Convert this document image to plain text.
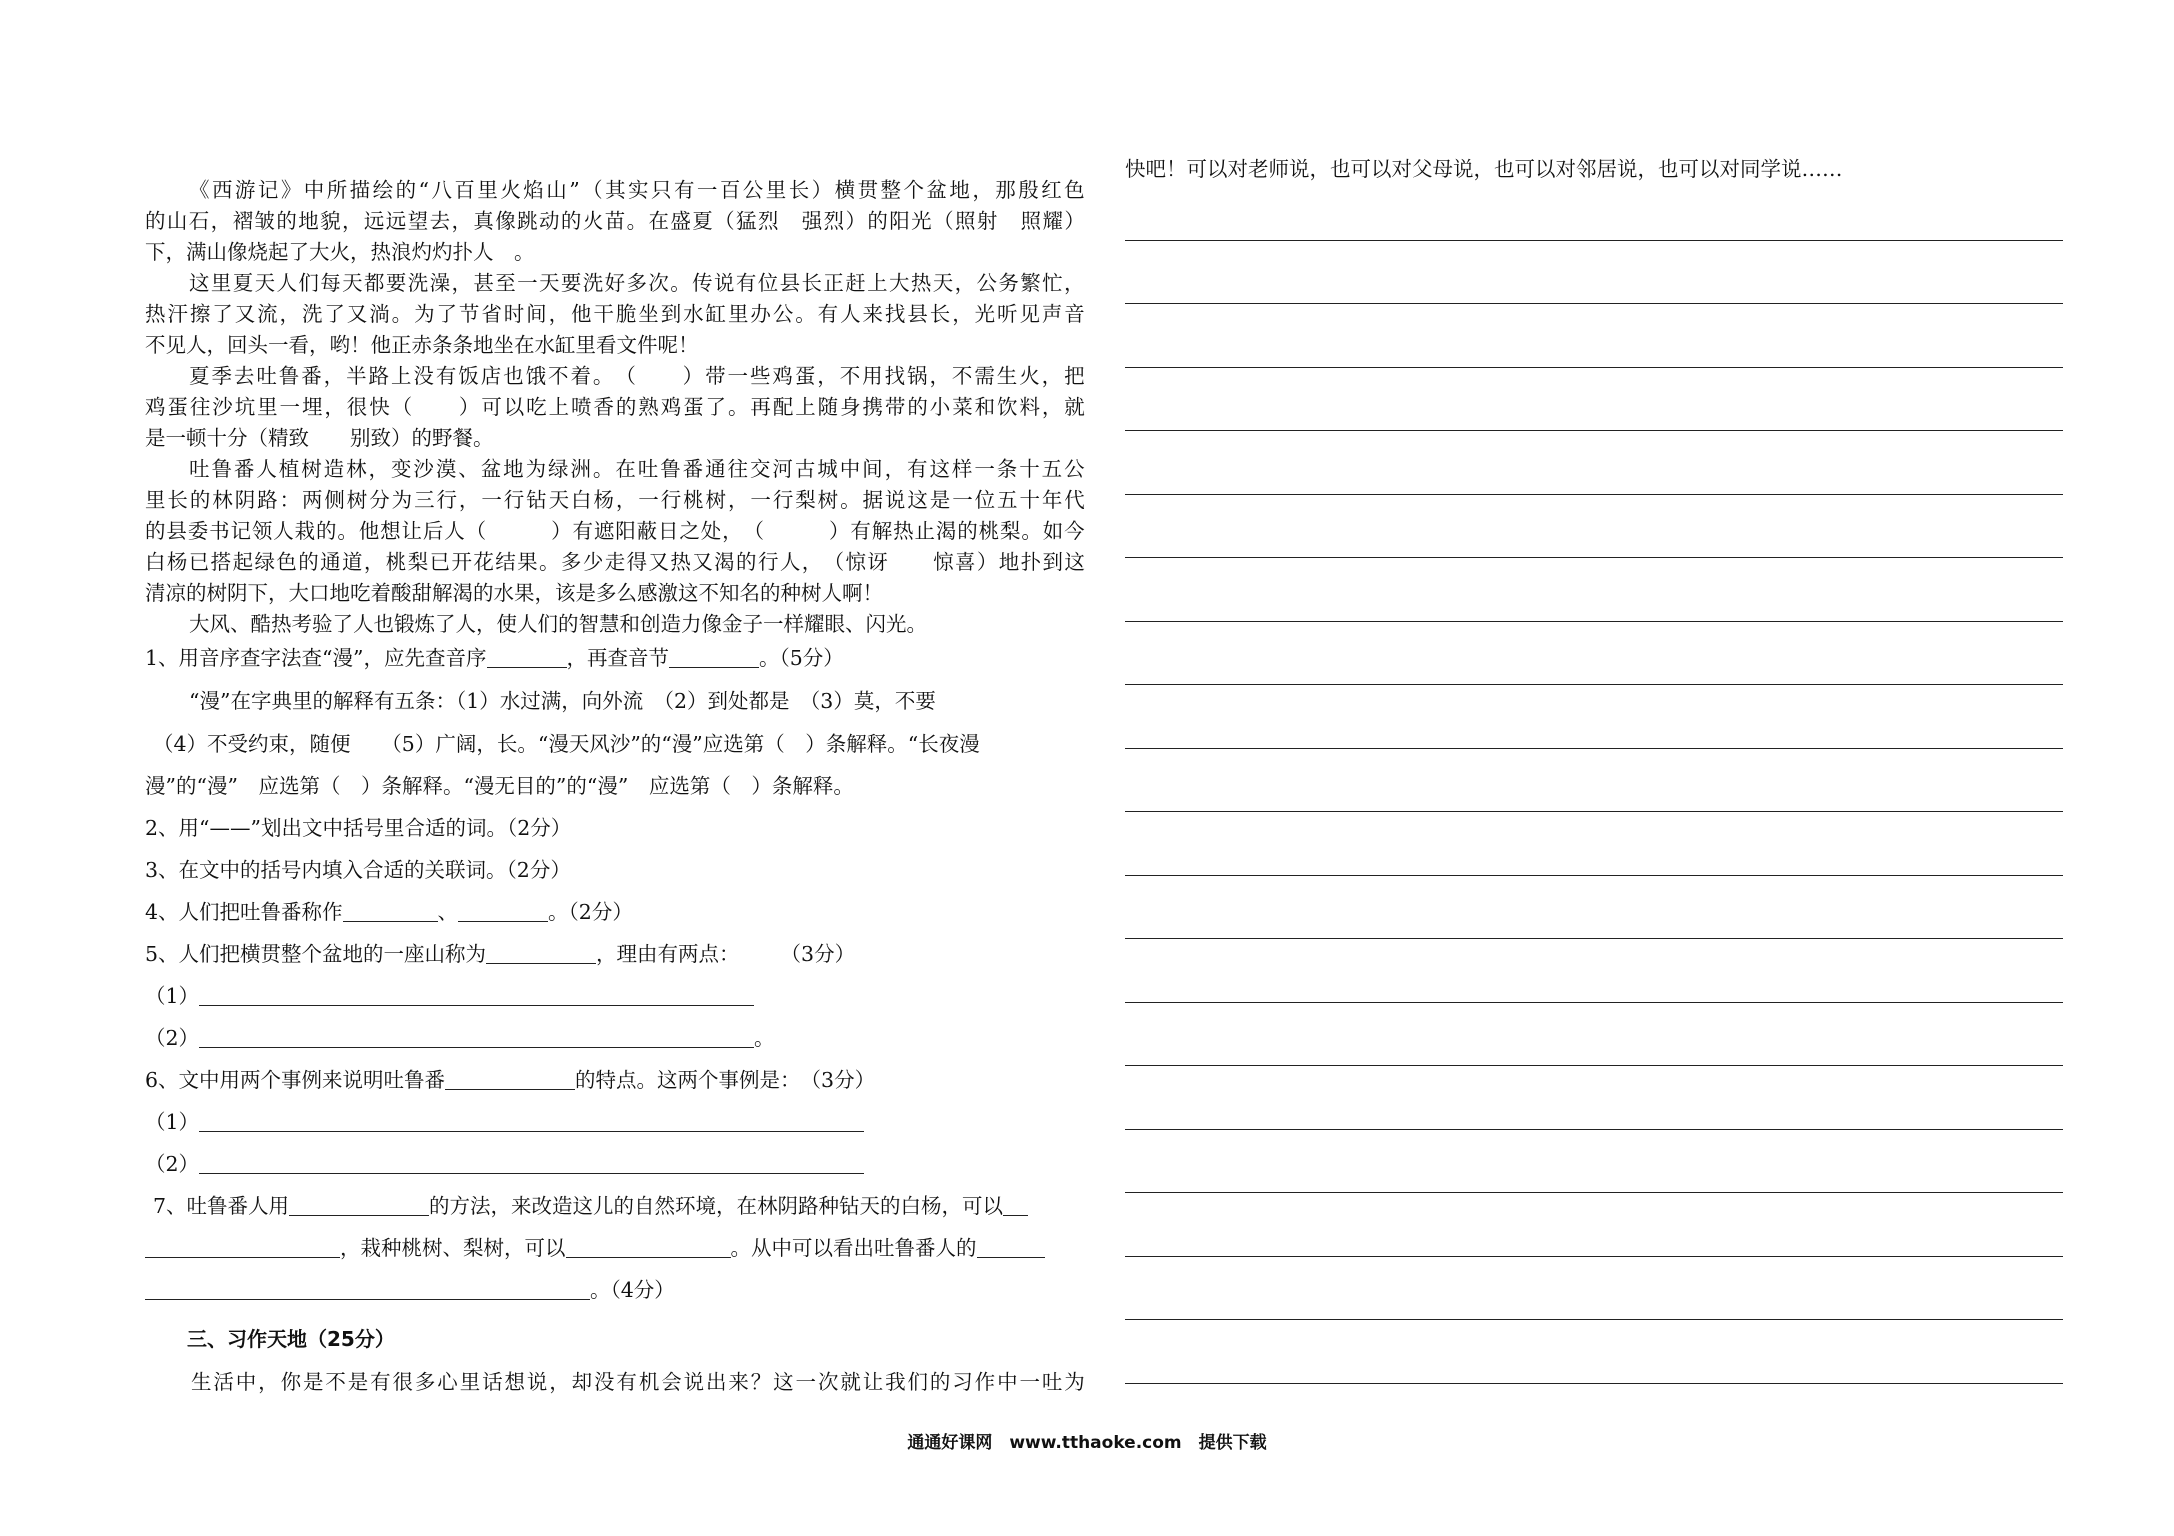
《 西 游 记 》 中 所 描 绘 的 “ 八 百 里 火 焰 山 ” （ 其 实 只 有 一 百 公 里 长 ） 横 贯 整 个 盆 地 ， 那 殷 红 色
的 山 石 ， 褶 皱 的 地 貌 ， 远 远 望 去 ， 真 像 跳 动 的 火 苗 。 在 盛 夏 （ 猛 烈
　 强 烈 ） 的 阳 光 （ 照 射
　 照 耀 ）
下，满山像烧起了大火，热浪灼灼扑人　。
这 里 夏 天 人 们 每 天 都 要 洗 澡 ， 甚 至 一 天 要 洗 好 多 次 。 传 说 有 位 县 长 正 赶 上 大 热 天 ， 公 务 繁 忙 ，
热 汗 擦 了 又 流 ， 洗 了 又 淌 。 为 了 节 省 时 间 ， 他 干 脆 坐 到 水 缸 里 办 公 。 有 人 来 找 县 长 ， 光 听 见 声 音
不见人，回头一看，哟！他正赤条条地坐在水缸里看文件呢！
夏 季 去 吐 鲁 番 ， 半 路 上 没 有 饭 店 也 饿 不 着 。 （

　 ） 带 一 些 鸡 蛋 ， 不 用 找 锅 ， 不 需 生 火 ， 把
鸡 蛋 往 沙 坑 里 一 埋 ， 很 快 （

　 ） 可 以 吃 上 喷 香 的 熟 鸡 蛋 了 。 再 配 上 随 身 携 带 的 小 菜 和 饮 料 ， 就
是一顿十分（精致　　别致）的野餐。
吐 鲁 番 人 植 树 造 林 ， 变 沙 漠 、 盆 地 为 绿 洲 。 在 吐 鲁 番 通 往 交 河 古 城 中 间 ， 有 这 样 一 条 十 五 公
里 长 的 林 阴 路 ： 两 侧 树 分 为 三 行 ， 一 行 钻 天 白 杨 ， 一 行 桃 树 ， 一 行 梨 树 。 据 说 这 是 一 位 五 十 年 代
的 县 委 书 记 领 人 栽 的 。 他 想 让 后 人 （

　	） 有 遮 阳 蔽 日 之 处 ， （

　	） 有 解 热 止 渴 的 桃 梨 。 如 今
白 杨 已 搭 起 绿 色 的 通 道 ， 桃 梨 已 开 花 结 果 。 多 少 走 得 又 热 又 渴 的 行 人 ， （ 惊 讶

　 惊 喜 ） 地 扑 到 这
清凉的树阴下，大口地吃着酸甜解渴的水果，该是多么感激这不知名的种树人啊！
大风、酷热考验了人也锻炼了人，使人们的智慧和创造力像金子一样耀眼、闪光。
1、用音序查字法查“漫”，应先查音序	，再查音节	。（5分）
“漫”在字典里的解释有五条：（1）水过满，向外流　（2）到处都是　（3）莫，不要
（4）不受约束，随便　　（5）广阔，长。“漫天风沙”的“漫”应选第（　）条解释。“长夜漫
漫”的“漫”　应选第（　）条解释。“漫无目的”的“漫”　应选第（　）条解释。
2、用“——”划出文中括号里合适的词。（2分）
3、在文中的括号内填入合适的关联词。（2分）
4、人们把吐鲁番称作	、	。（2分）
5、人们把横贯整个盆地的一座山称为	，理由有两点：　　　（3分）
（1）
（2）	。
6、文中用两个事例来说明吐鲁番	的特点。这两个事例是：　（3分）
（1）
（2）
7、吐鲁番人用	的方法，来改造这儿的自然环境，在林阴路种钻天的白杨，可以
，栽种桃树、梨树，可以	。从中可以看出吐鲁番人的
。（4分）
三、习作天地（25分）
生 活 中 ， 你 是 不 是 有 很 多 心 里 话 想 说 ， 却 没 有 机 会 说 出 来 ？ 这 一 次 就 让 我 们 的 习 作 中 一 吐 为
快吧！可以对老师说，也可以对父母说，也可以对邻居说，也可以对同学说……
通通好课网　www.tthaoke.com　提供下载
